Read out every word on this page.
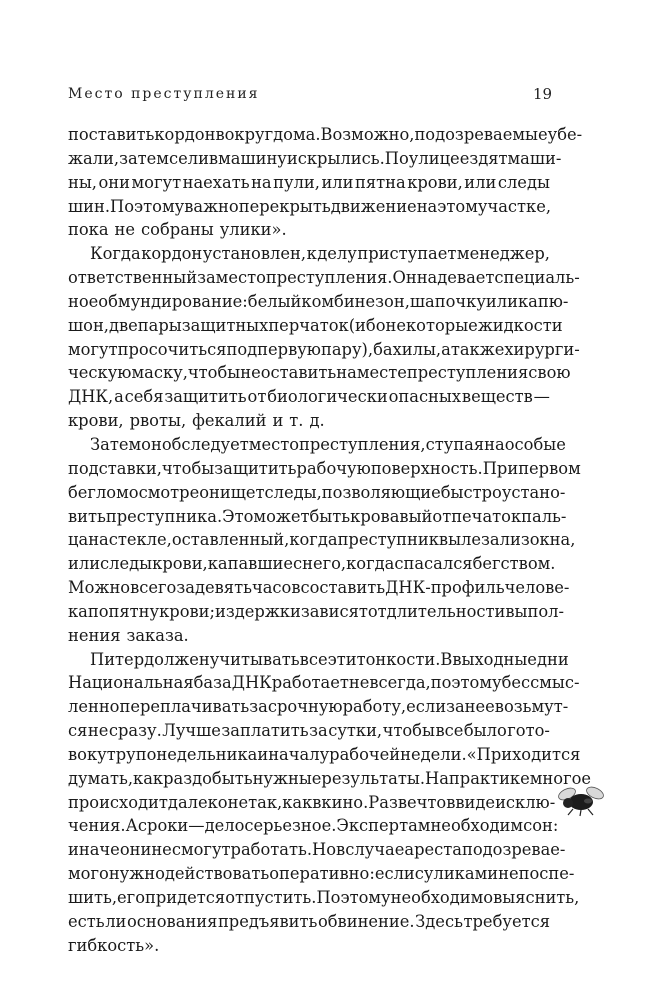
Место преступления	19
поставить кордон вокруг дома. Возможно, подозреваемые убе-
жали, затем сели в машину и скрылись. По улице ездят маши-
ны, они могут наехать на пули, или пятна крови, или следы
шин. Поэтому важно перекрыть движение на этом участке,
пока не собраны улики».
Когда кордон установлен, к делу приступает менеджер,
ответственный за место преступления. Он надевает специаль-
ное обмундирование: белый комбинезон, шапочку или капю-
шон, две пары защитных перчаток (ибо некоторые жидкости
могут просочиться под первую пару), бахилы, а также хирурги-
ческую маску, чтобы не оставить на месте преступления свою
ДНК, а себя защитить от биологически опасных веществ —
крови, рвоты, фекалий и т. д.
Затем он обследует место преступления, ступая на особые
подставки, чтобы защитить рабочую поверхность. При первом
беглом осмотре он ищет следы, позволяющие быстро устано-
вить преступника. Это может быть кровавый отпечаток паль-
ца на стекле, оставленный, когда преступник вылезал из окна,
или следы крови, капавшие с него, когда спасался бегством.
Можно всего за девять часов составить ДНК-профиль челове-
ка по пятну крови; издержки зависят от длительности выпол-
нения заказа.
Питер должен учитывать все эти тонкости. В выходные дни
Национальная база ДНК работает не всегда, поэтому бессмыс-
ленно переплачивать за срочную работу, если за нее возьмут-
ся не сразу. Лучше заплатить за сутки, чтобы все было гото-
во к утру понедельника и началу рабочей недели. «Приходится
думать, как раздобыть нужные результаты. На практике многое
происходит далеко не так, как в кино. Разве что в виде исклю-
чения. А сроки — дело серьезное. Экспертам необходим сон:
иначе они не смогут работать. Но в случае ареста подозревае-
мого нужно действовать оперативно: если с уликами не поспе-
шить, его придется отпустить. Поэтому необходимо выяснить,
есть ли основания предъявить обвинение. Здесь требуется
гибкость».
